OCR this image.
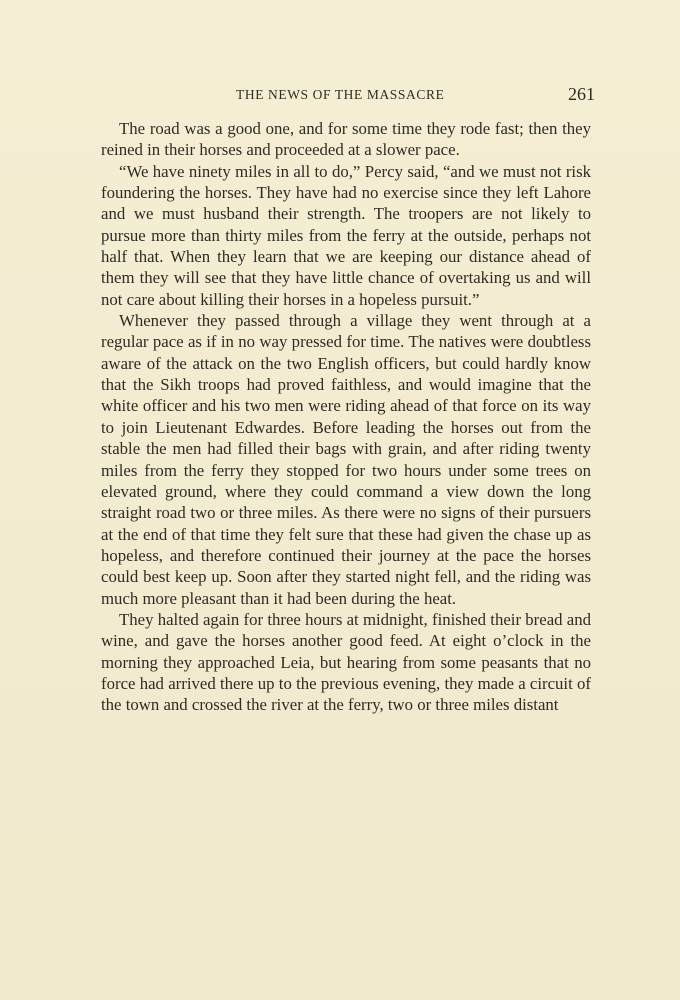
THE NEWS OF THE MASSACRE	261

The road was a good one, and for some time they rode fast; then they reined in their horses and proceeded at a slower pace.

“We have ninety miles in all to do,” Percy said, “and we must not risk foundering the horses. They have had no exercise since they left Lahore and we must husband their strength. The troopers are not likely to pursue more than thirty miles from the ferry at the outside, perhaps not half that. When they learn that we are keeping our distance ahead of them they will see that they have little chance of overtaking us and will not care about killing their horses in a hopeless pursuit.”

Whenever they passed through a village they went through at a regular pace as if in no way pressed for time. The natives were doubtless aware of the attack on the two English officers, but could hardly know that the Sikh troops had proved faithless, and would imagine that the white officer and his two men were riding ahead of that force on its way to join Lieutenant Edwardes. Before leading the horses out from the stable the men had filled their bags with grain, and after riding twenty miles from the ferry they stopped for two hours under some trees on elevated ground, where they could command a view down the long straight road two or three miles. As there were no signs of their pursuers at the end of that time they felt sure that these had given the chase up as hopeless, and therefore continued their journey at the pace the horses could best keep up. Soon after they started night fell, and the riding was much more pleasant than it had been during the heat.

They halted again for three hours at midnight, finished their bread and wine, and gave the horses another good feed. At eight o’clock in the morning they approached Leia, but hearing from some peasants that no force had arrived there up to the previous evening, they made a circuit of the town and crossed the river at the ferry, two or three miles distant
